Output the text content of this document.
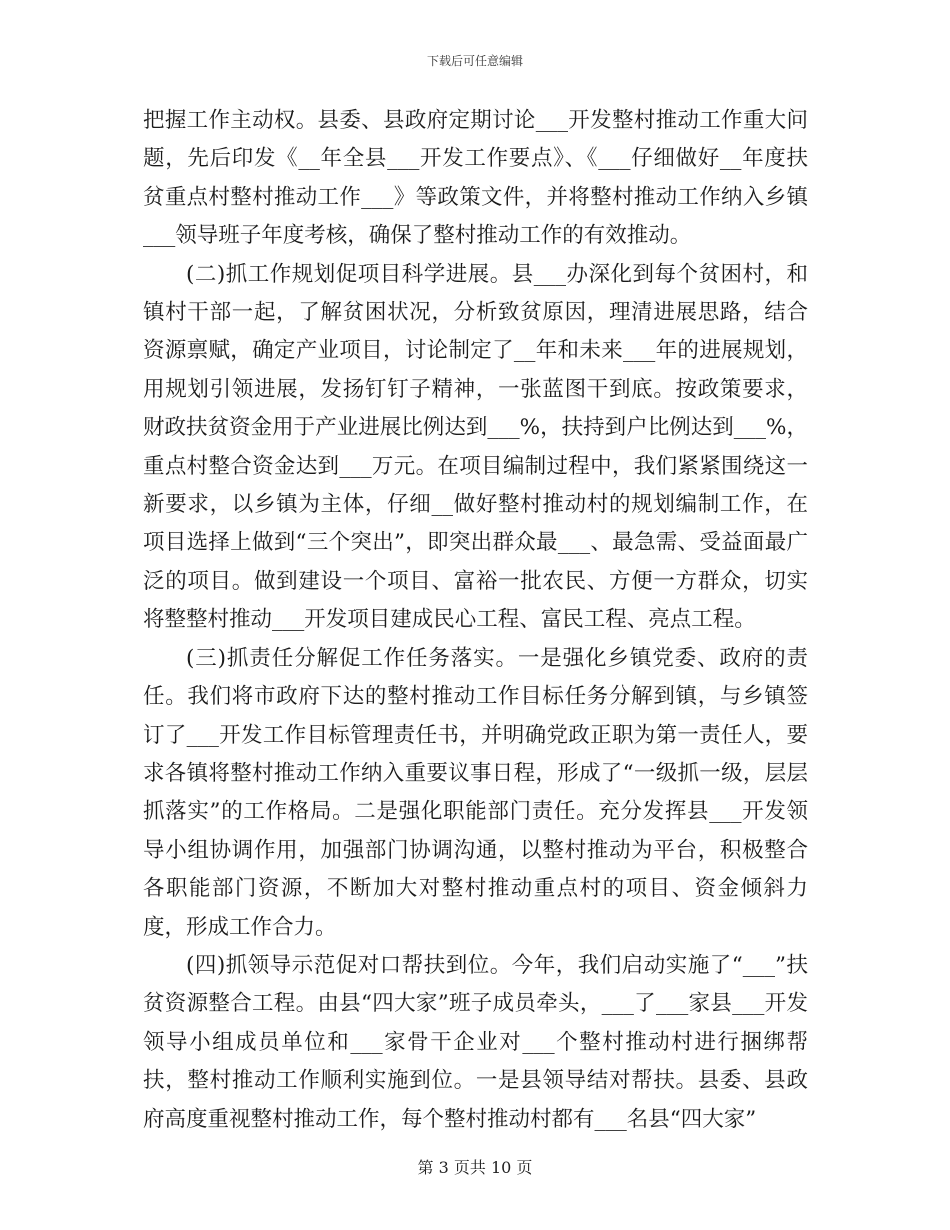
下载后可任意编辑

把握工作主动权。县委、县政府定期讨论___开发整村推动工作重大问题，先后印发《__年全县___开发工作要点》、《___仔细做好__年度扶贫重点村整村推动工作___》等政策文件，并将整村推动工作纳入乡镇___领导班子年度考核，确保了整村推动工作的有效推动。

(二)抓工作规划促项目科学进展。县___办深化到每个贫困村，和镇村干部一起，了解贫困状况，分析致贫原因，理清进展思路，结合资源禀赋，确定产业项目，讨论制定了__年和未来___年的进展规划，用规划引领进展，发扬钉钉子精神，一张蓝图干到底。按政策要求，财政扶贫资金用于产业进展比例达到___%，扶持到户比例达到___%，重点村整合资金达到___万元。在项目编制过程中，我们紧紧围绕这一新要求，以乡镇为主体，仔细__做好整村推动村的规划编制工作，在项目选择上做到“三个突出”，即突出群众最___、最急需、受益面最广泛的项目。做到建设一个项目、富裕一批农民、方便一方群众，切实将整整村推动___开发项目建成民心工程、富民工程、亮点工程。

(三)抓责任分解促工作任务落实。一是强化乡镇党委、政府的责任。我们将市政府下达的整村推动工作目标任务分解到镇，与乡镇签订了___开发工作目标管理责任书，并明确党政正职为第一责任人，要求各镇将整村推动工作纳入重要议事日程，形成了“一级抓一级，层层抓落实”的工作格局。二是强化职能部门责任。充分发挥县___开发领导小组协调作用，加强部门协调沟通，以整村推动为平台，积极整合各职能部门资源，不断加大对整村推动重点村的项目、资金倾斜力度，形成工作合力。

(四)抓领导示范促对口帮扶到位。今年，我们启动实施了“___”扶贫资源整合工程。由县“四大家”班子成员牵头，___了___家县___开发领导小组成员单位和___家骨干企业对___个整村推动村进行捆绑帮扶，整村推动工作顺利实施到位。一是县领导结对帮扶。县委、县政府高度重视整村推动工作，每个整村推动村都有___名县“四大家”

第 3 页共 10 页
